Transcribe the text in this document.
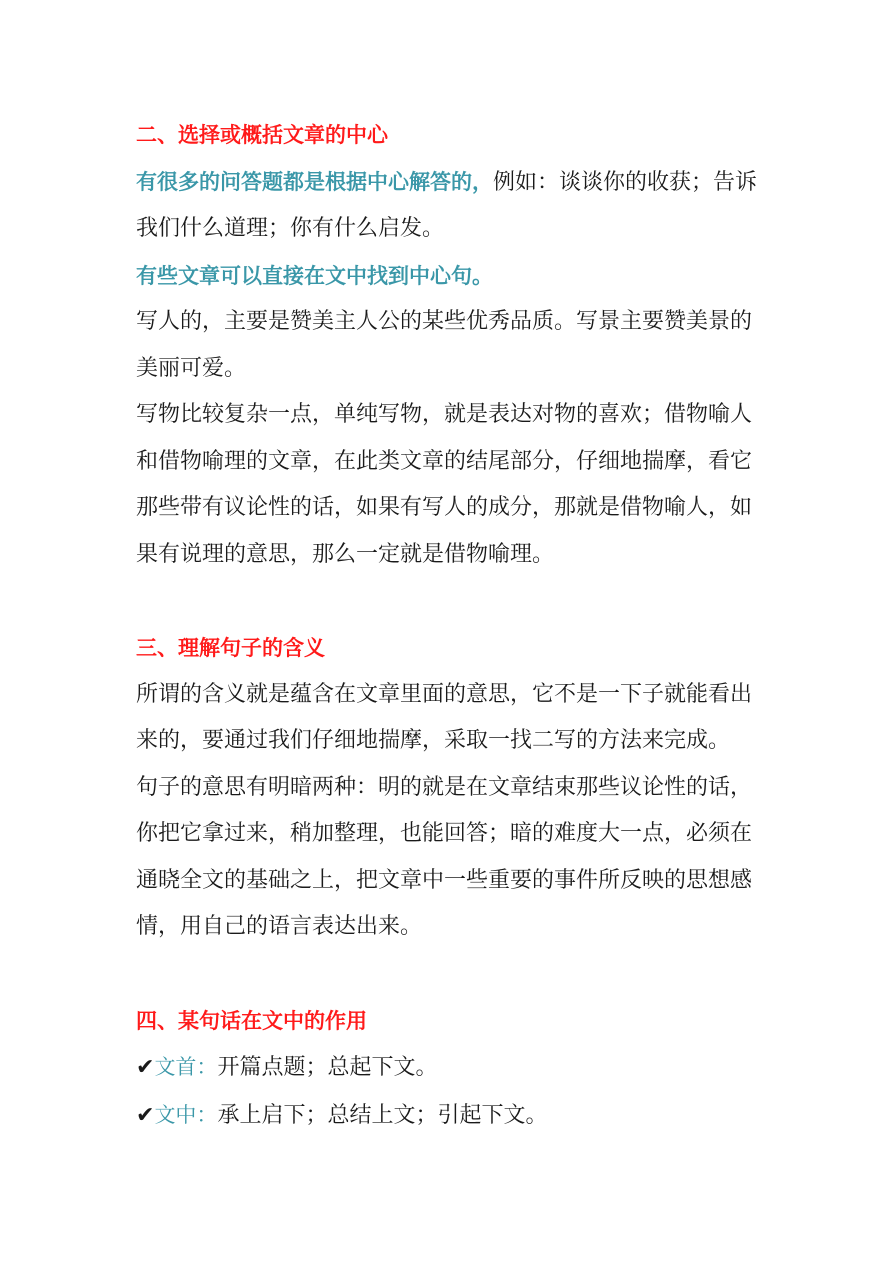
二、选择或概括文章的中心

有很多的问答题都是根据中心解答的，例如：谈谈你的收获；告诉我们什么道理；你有什么启发。

有些文章可以直接在文中找到中心句。

写人的，主要是赞美主人公的某些优秀品质。写景主要赞美景的美丽可爱。

写物比较复杂一点，单纯写物，就是表达对物的喜欢；借物喻人和借物喻理的文章，在此类文章的结尾部分，仔细地揣摩，看它那些带有议论性的话，如果有写人的成分，那就是借物喻人，如果有说理的意思，那么一定就是借物喻理。

三、理解句子的含义

所谓的含义就是蕴含在文章里面的意思，它不是一下子就能看出来的，要通过我们仔细地揣摩，采取一找二写的方法来完成。

句子的意思有明暗两种：明的就是在文章结束那些议论性的话，你把它拿过来，稍加整理，也能回答；暗的难度大一点，必须在通晓全文的基础之上，把文章中一些重要的事件所反映的思想感情，用自己的语言表达出来。

四、某句话在文中的作用

✔文首：开篇点题；总起下文。

✔文中：承上启下；总结上文；引起下文。
